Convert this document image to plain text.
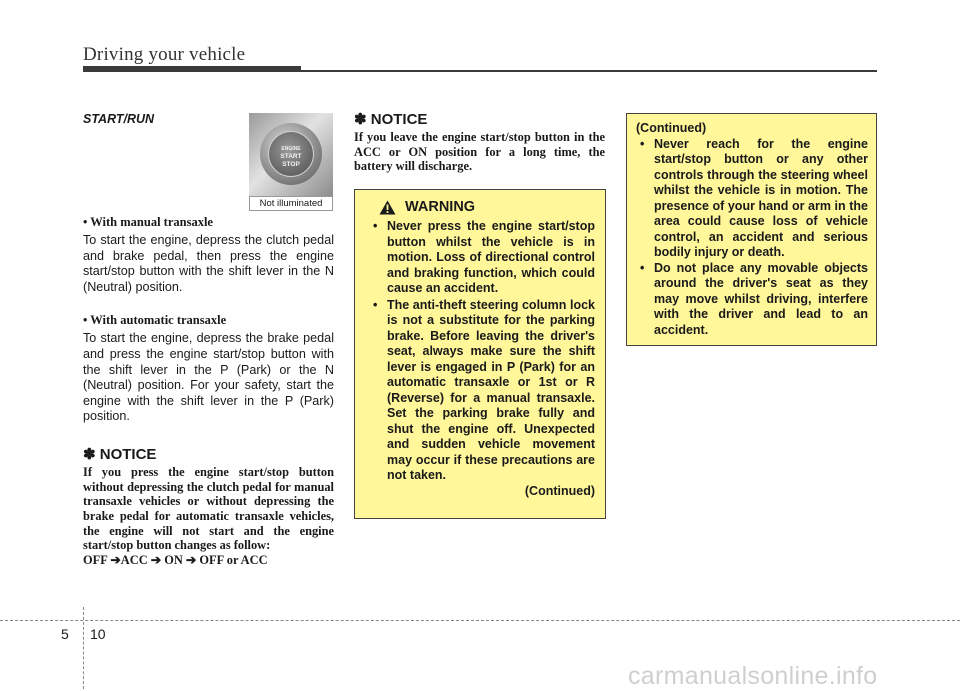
Driving your vehicle
START/RUN
• With manual transaxle
To start the engine, depress the clutch pedal and brake pedal, then press the engine start/stop button with the shift lever in the N (Neutral) position.
• With automatic transaxle
To start the engine, depress the brake pedal and press the engine start/stop button with the shift lever in the P (Park) or the N (Neutral) position. For your safety, start the engine with the shift lever in the P (Park) position.
✽ NOTICE
If you press the engine start/stop button without depressing the clutch pedal for manual transaxle vehicles or without depressing the brake pedal for automatic transaxle vehicles, the engine will not start and the engine start/stop button changes as follow:
OFF ➔ACC ➔ ON ➔ OFF or ACC
ENGINE
START
STOP
Not illuminated
✽ NOTICE
If you leave the engine start/stop button in the ACC or ON position for a long time, the battery will discharge.
WARNING
• Never press the engine start/stop button whilst the vehicle is in motion. Loss of directional control and braking function, which could cause an accident.
• The anti-theft steering column lock is not a substitute for the parking brake. Before leaving the driver's seat, always make sure the shift lever is engaged in P (Park) for an automatic transaxle or 1st or R (Reverse) for a manual transaxle. Set the parking brake fully and shut the engine off. Unexpected and sudden vehicle movement may occur if these precautions are not taken.
(Continued)
(Continued)
• Never reach for the engine start/stop button or any other controls through the steering wheel whilst the vehicle is in motion. The presence of your hand or arm in the area could cause loss of vehicle control, an accident and serious bodily injury or death.
• Do not place any movable objects around the driver's seat as they may move whilst driving, interfere with the driver and lead to an accident.
5 10
carmanualsonline.info
